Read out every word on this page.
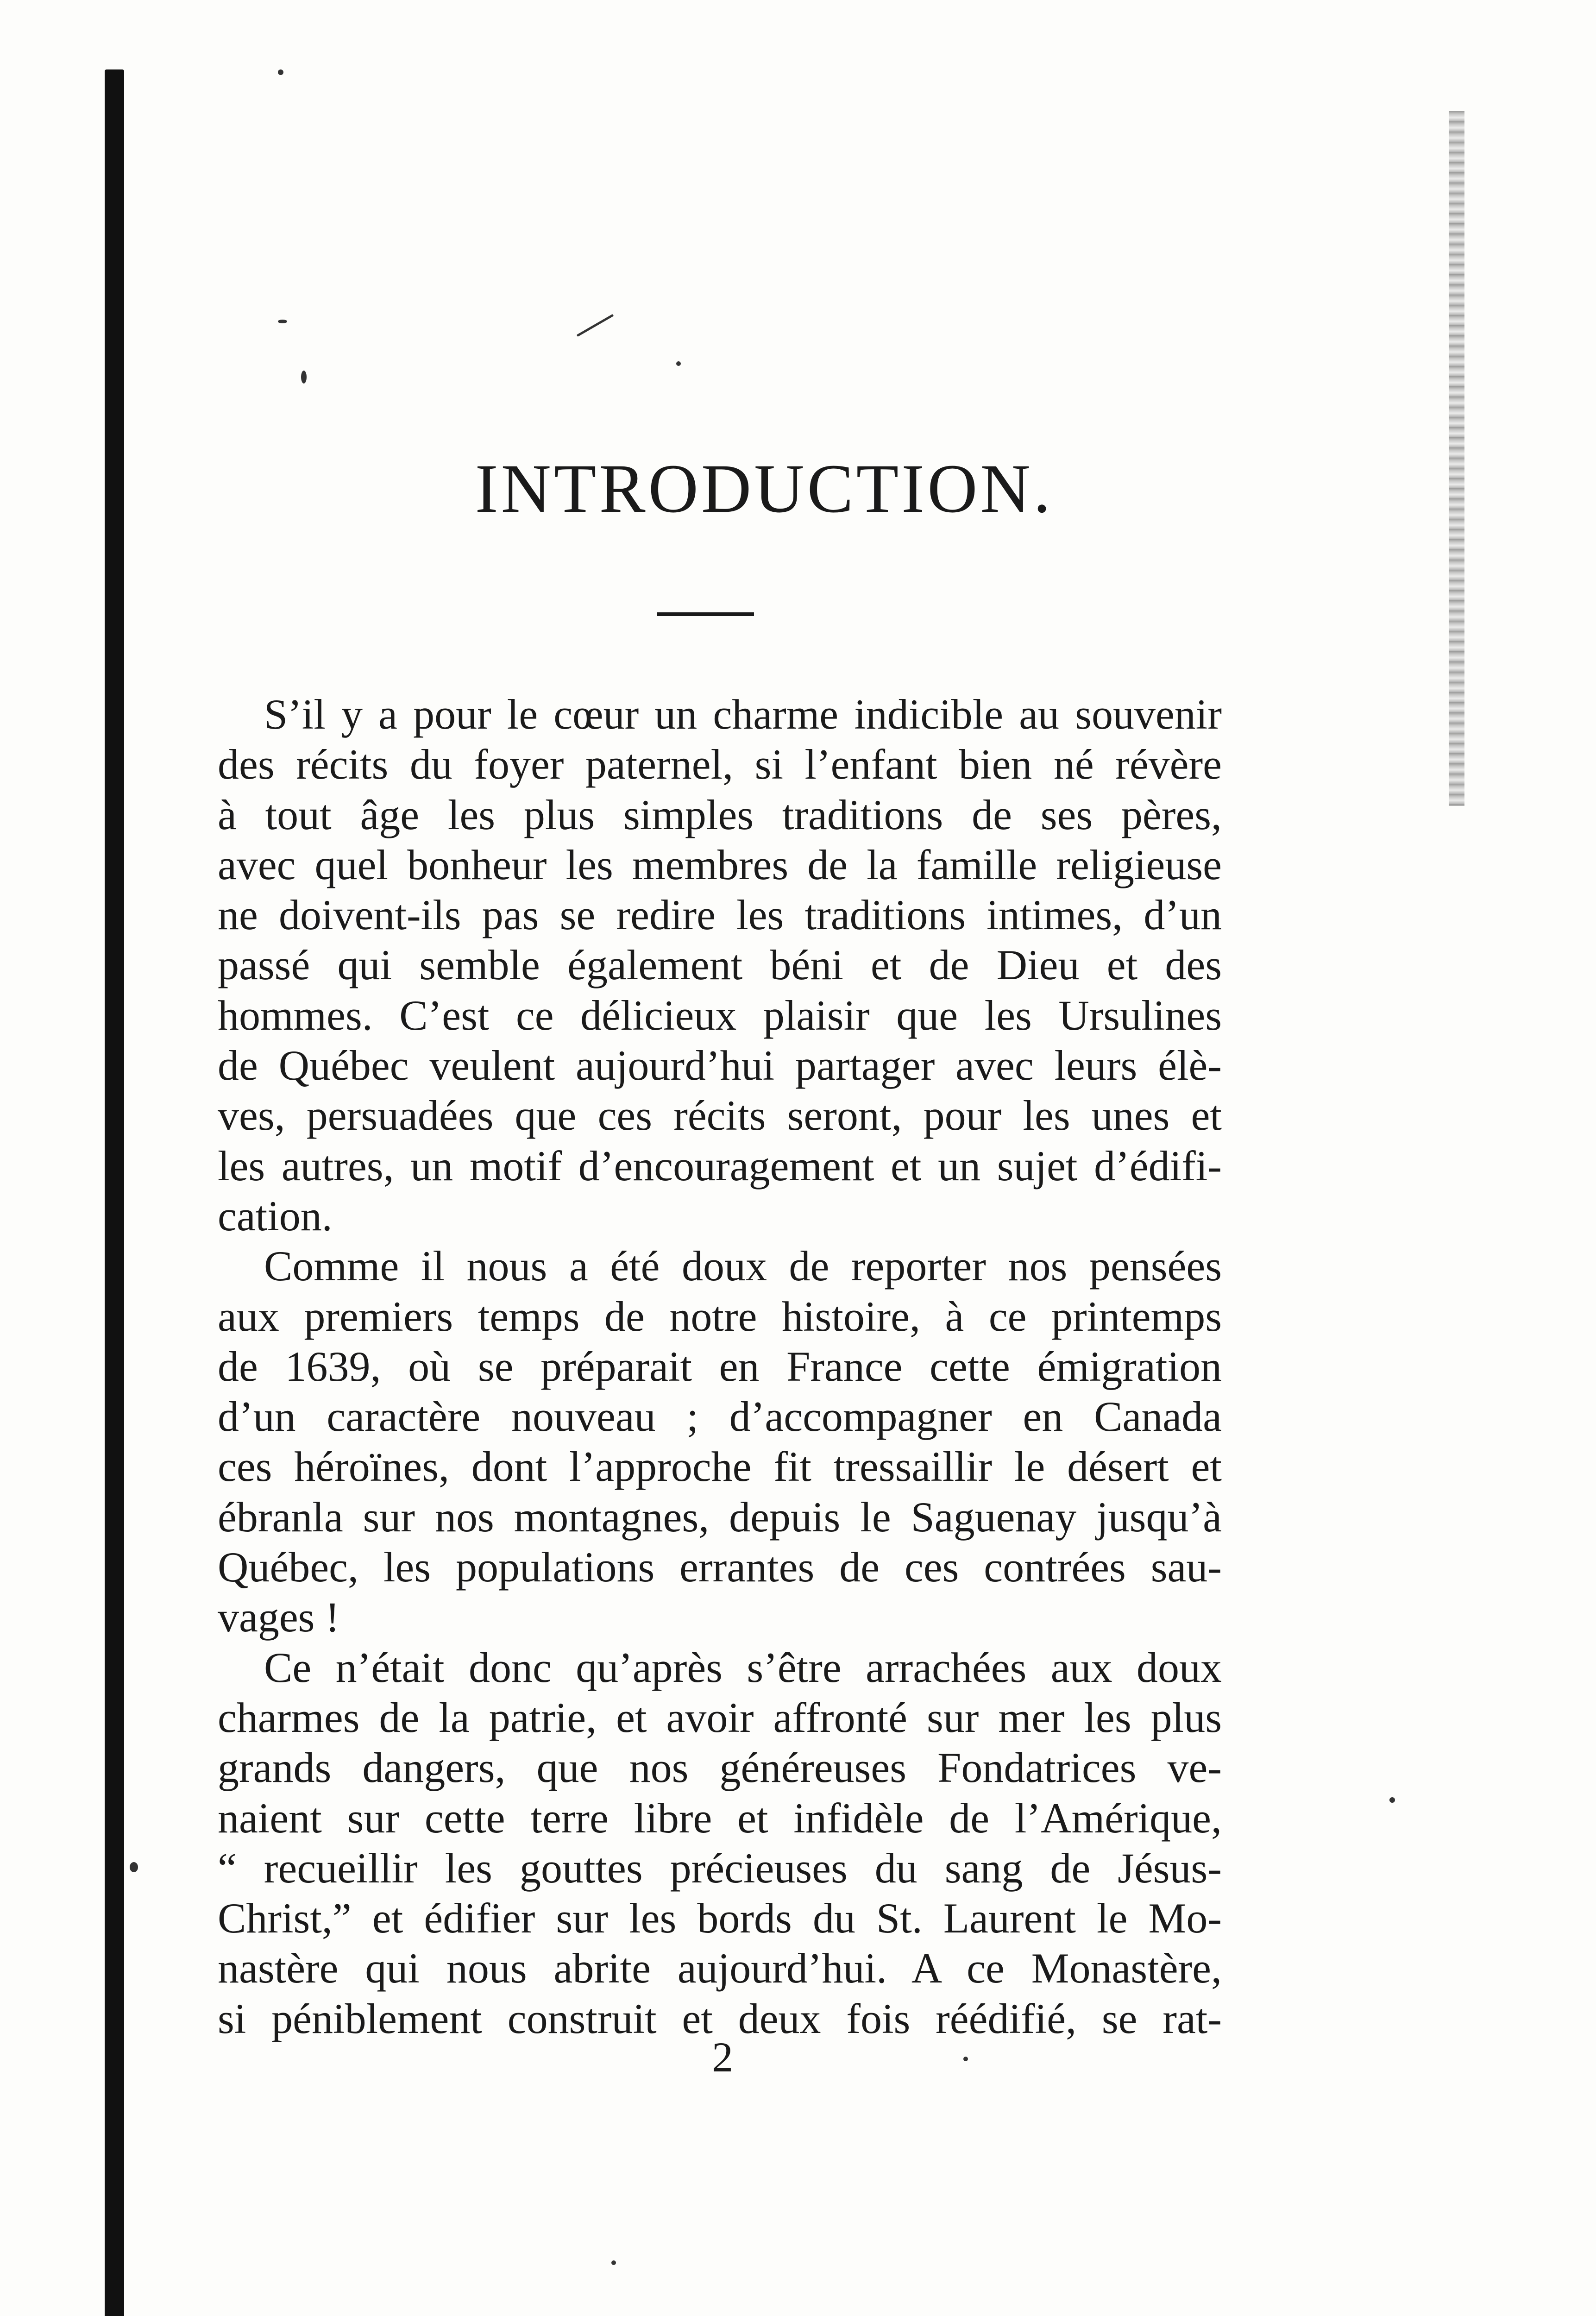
INTRODUCTION.

S’il y a pour le cœur un charme indicible au souvenir
des récits du foyer paternel, si l’enfant bien né révère
à tout âge les plus simples traditions de ses pères,
avec quel bonheur les membres de la famille religieuse
ne doivent-ils pas se redire les traditions intimes, d’un
passé qui semble également béni et de Dieu et des
hommes. C’est ce délicieux plaisir que les Ursulines
de Québec veulent aujourd’hui partager avec leurs élè-
ves, persuadées que ces récits seront, pour les unes et
les autres, un motif d’encouragement et un sujet d’édifi-
cation.

Comme il nous a été doux de reporter nos pensées
aux premiers temps de notre histoire, à ce printemps
de 1639, où se préparait en France cette émigration
d’un caractère nouveau ; d’accompagner en Canada
ces héroïnes, dont l’approche fit tressaillir le désert et
ébranla sur nos montagnes, depuis le Saguenay jusqu’à
Québec, les populations errantes de ces contrées sau-
vages !

Ce n’était donc qu’après s’être arrachées aux doux
charmes de la patrie, et avoir affronté sur mer les plus
grands dangers, que nos généreuses Fondatrices ve-
naient sur cette terre libre et infidèle de l’Amérique,
“ recueillir les gouttes précieuses du sang de Jésus-
Christ,” et édifier sur les bords du St. Laurent le Mo-
nastère qui nous abrite aujourd’hui. A ce Monastère,
si péniblement construit et deux fois réédifié, se rat-

2
